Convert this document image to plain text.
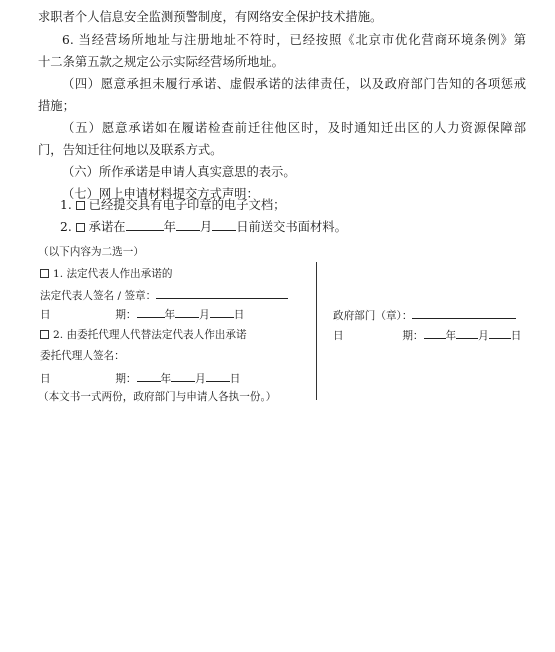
求职者个人信息安全监测预警制度，有网络安全保护技术措施。
6. 当经营场所地址与注册地址不符时，已经按照《北京市优化营商环境条例》第
十二条第五款之规定公示实际经营场所地址。
（四）愿意承担未履行承诺、虚假承诺的法律责任，以及政府部门告知的各项惩戒
措施；
（五）愿意承诺如在履诺检查前迁往他区时，及时通知迁出区的人力资源保障部
门，告知迁往何地以及联系方式。
（六）所作承诺是申请人真实意思的表示。
（七）网上申请材料提交方式声明：
1. 已经提交具有电子印章的电子文档；
2. 承诺在	年 月 日前送交书面材料。
（以下内容为二选一）
1. 法定代表人作出承诺的
法定代表人签名 / 签章：
日	期：	年 月 日
2. 由委托代理人代替法定代表人作出承诺
委托代理人签名：
日	期： 年 月 日
（本文书一式两份，政府部门与申请人各执一份。）
政府部门（章）：
日	期： 年 月 日
